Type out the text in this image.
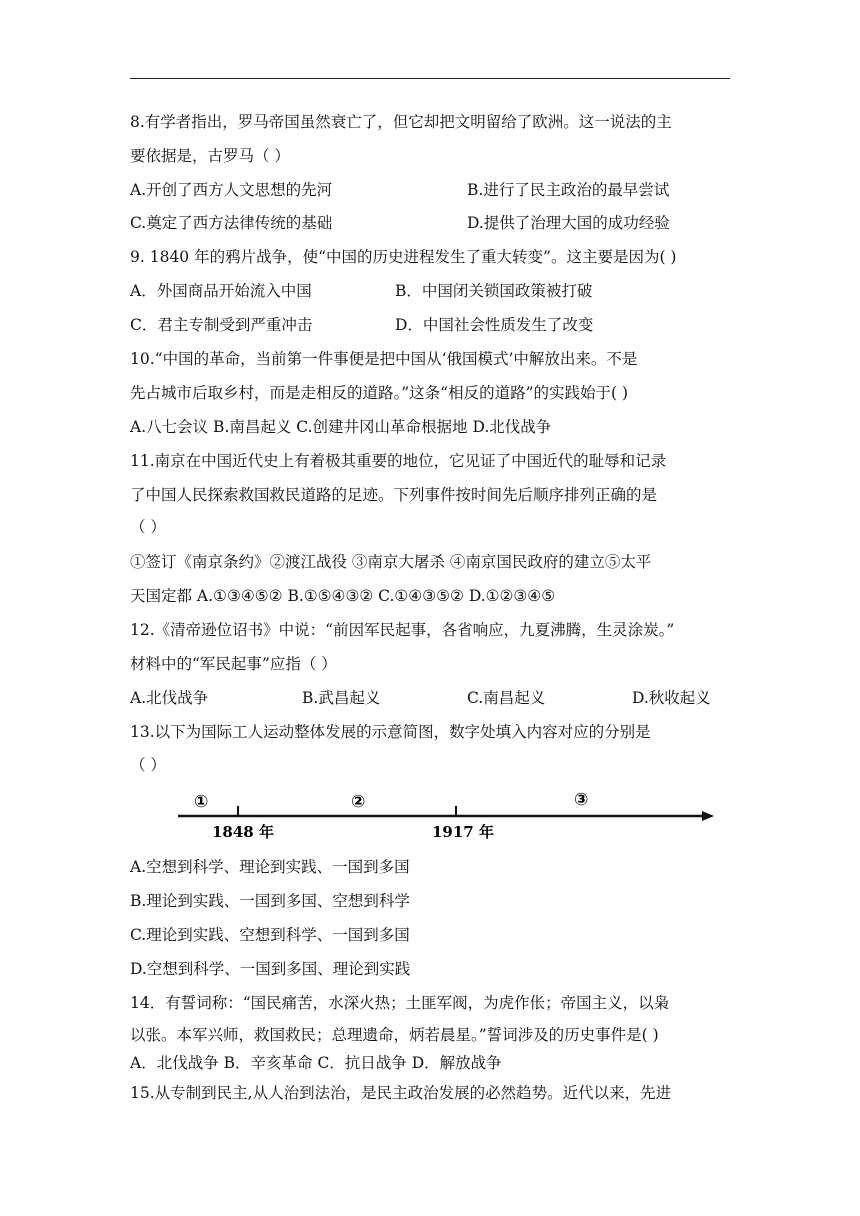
8.有学者指出，罗马帝国虽然衰亡了，但它却把文明留给了欧洲。这一说法的主
要依据是，古罗马（ ）
A.开创了西方人文思想的先河	B.进行了民主政治的最早尝试
C.奠定了西方法律传统的基础	D.提供了治理大国的成功经验
9. 1840 年的鸦片战争，使“中国的历史进程发生了重大转变”。这主要是因为( )
A．外国商品开始流入中国	B．中国闭关锁国政策被打破
C．君主专制受到严重冲击	D．中国社会性质发生了改变
10.“中国的革命，当前第一件事便是把中国从‘俄国模式’中解放出来。不是
先占城市后取乡村，而是走相反的道路。”这条“相反的道路”的实践始于( )
A.八七会议 B.南昌起义 C.创建井冈山革命根据地 D.北伐战争
11.南京在中国近代史上有着极其重要的地位，它见证了中国近代的耻辱和记录
了中国人民探索救国救民道路的足迹。下列事件按时间先后顺序排列正确的是
（ ）
①签订《南京条约》②渡江战役 ③南京大屠杀 ④南京国民政府的建立⑤太平
天国定都 A.①③④⑤② B.①⑤④③② C.①④③⑤② D.①②③④⑤
12.《清帝逊位诏书》中说：“前因军民起事，各省响应，九夏沸腾，生灵涂炭。”
材料中的“军民起事”应指（ ）
A.北伐战争	B.武昌起义	C.南昌起义	D.秋收起义
13.以下为国际工人运动整体发展的示意简图，数字处填入内容对应的分别是
（ ）
①	②	③
1848 年	1917 年
A.空想到科学、理论到实践、一国到多国
B.理论到实践、一国到多国、空想到科学
C.理论到实践、空想到科学、一国到多国
D.空想到科学、一国到多国、理论到实践
14．有誓词称：“国民痛苦，水深火热；土匪军阀，为虎作伥；帝国主义，以枭
以张。本军兴师，救国救民；总理遗命，炳若晨星。”誓词涉及的历史事件是( )
A．北伐战争 B．辛亥革命 C．抗日战争 D．解放战争
15.从专制到民主,从人治到法治，是民主政治发展的必然趋势。近代以来，先进
